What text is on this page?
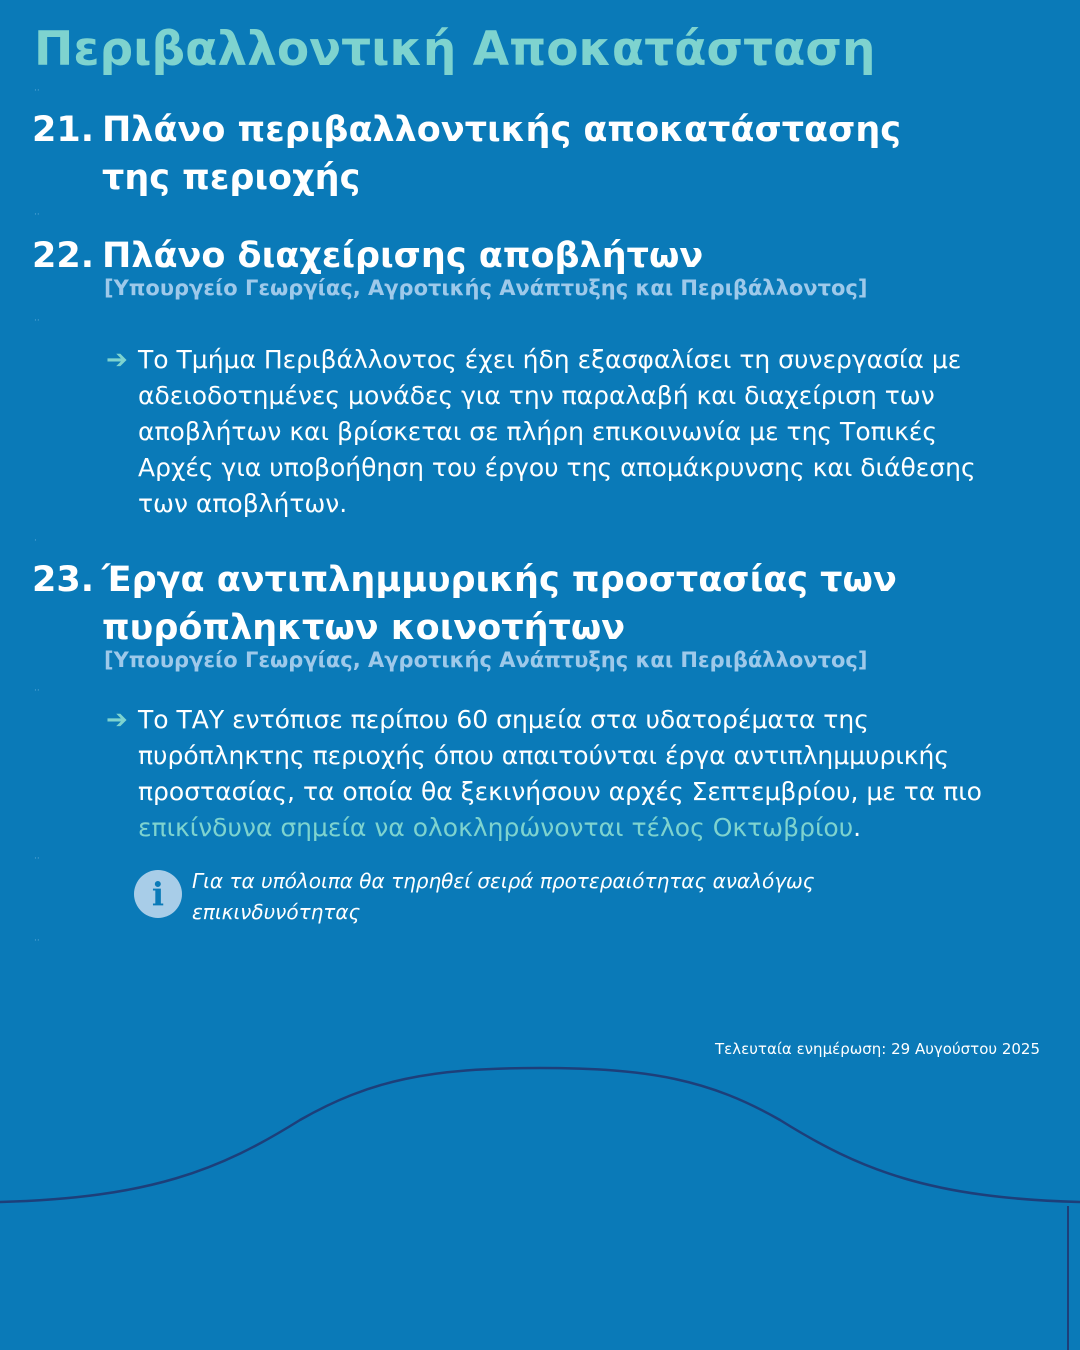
Περιβαλλοντική Αποκατάσταση
··
21. Πλάνο περιβαλλοντικής αποκατάστασης
της περιοχής
··
22. Πλάνο διαχείρισης αποβλήτων
[Υπουργείο Γεωργίας, Αγροτικής Ανάπτυξης και Περιβάλλοντος]
··
➔ Το Τμήμα Περιβάλλοντος έχει ήδη εξασφαλίσει τη συνεργασία με αδειοδοτημένες μονάδες για την παραλαβή και διαχείριση των αποβλήτων και βρίσκεται σε πλήρη επικοινωνία με της Τοπικές Αρχές για υποβοήθηση του έργου της απομάκρυνσης και διάθεσης των αποβλήτων.
·
23. Έργα αντιπλημμυρικής προστασίας των
πυρόπληκτων κοινοτήτων
[Υπουργείο Γεωργίας, Αγροτικής Ανάπτυξης και Περιβάλλοντος]
··
➔ Το ΤΑΥ εντόπισε περίπου 60 σημεία στα υδατορέματα της πυρόπληκτης περιοχής όπου απαιτούνται έργα αντιπλημμυρικής προστασίας, τα οποία θα ξεκινήσουν αρχές Σεπτεμβρίου, με τα πιο επικίνδυνα σημεία να ολοκληρώνονται τέλος Οκτωβρίου.
··
i	Για τα υπόλοιπα θα τηρηθεί σειρά προτεραιότητας αναλόγως επικινδυνότητας
··
Τελευταία ενημέρωση: 29 Αυγούστου 2025
